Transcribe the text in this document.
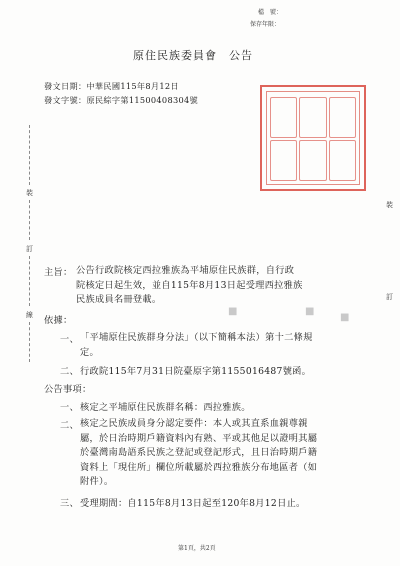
檔　號：
保存年限：
原住民族委員會　公告
發文日期：中華民國115年8月12日
發文字號：原民綜字第11500408304號
裝
訂
線
裝
訂
■	■
■
主旨： 公告行政院核定西拉雅族為平埔原住民族群，自行政
院核定日起生效，並自115年8月13日起受理西拉雅族
民族成員名冊登載。
依據：
一、 「平埔原住民族群身分法」（以下簡稱本法）第十二條規
定。
二、 行政院115年7月31日院臺原字第1155016487號函。
公告事項：
一、 核定之平埔原住民族群名稱：西拉雅族。
二、 核定之民族成員身分認定要件：本人或其直系血親尊親
屬，於日治時期戶籍資料內有熟、平或其他足以證明其屬
於臺灣南島語系民族之登記或登記形式，且日治時期戶籍
資料上「現住所」欄位所載屬於西拉雅族分布地區者（如
附件）。
三、 受理期間：自115年8月13日起至120年8月12日止。
第1頁，共2頁
